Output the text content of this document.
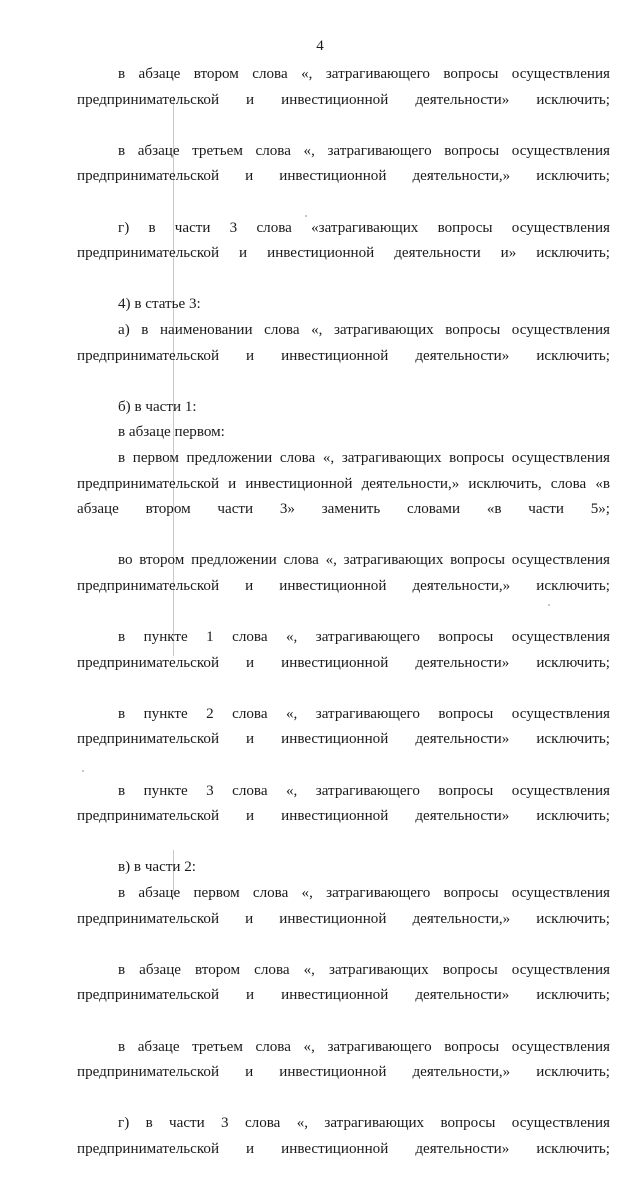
4

в абзаце втором слова «, затрагивающего вопросы осуществления предпринимательской и инвестиционной деятельности» исключить;

в абзаце третьем слова «, затрагивающего вопросы осуществления предпринимательской и инвестиционной деятельности,» исключить;

г) в части 3 слова «затрагивающих вопросы осуществления предпринимательской и инвестиционной деятельности и» исключить;

4) в статье 3:

а) в наименовании слова «, затрагивающих вопросы осуществления предпринимательской и инвестиционной деятельности» исключить;

б) в части 1:

в абзаце первом:

в первом предложении слова «, затрагивающих вопросы осуществления предпринимательской и инвестиционной деятельности,» исключить, слова «в абзаце втором части 3» заменить словами «в части 5»;

во втором предложении слова «, затрагивающих вопросы осуществления предпринимательской и инвестиционной деятельности,» исключить;

в пункте 1 слова «, затрагивающего вопросы осуществления предпринимательской и инвестиционной деятельности» исключить;

в пункте 2 слова «, затрагивающего вопросы осуществления предпринимательской и инвестиционной деятельности» исключить;

в пункте 3 слова «, затрагивающего вопросы осуществления предпринимательской и инвестиционной деятельности» исключить;

в) в части 2:

в абзаце первом слова «, затрагивающего вопросы осуществления предпринимательской и инвестиционной деятельности,» исключить;

в абзаце втором слова «, затрагивающих вопросы осуществления предпринимательской и инвестиционной деятельности» исключить;

в абзаце третьем слова «, затрагивающего вопросы осуществления предпринимательской и инвестиционной деятельности,» исключить;

г) в части 3 слова «, затрагивающих вопросы осуществления предпринимательской и инвестиционной деятельности» исключить;
